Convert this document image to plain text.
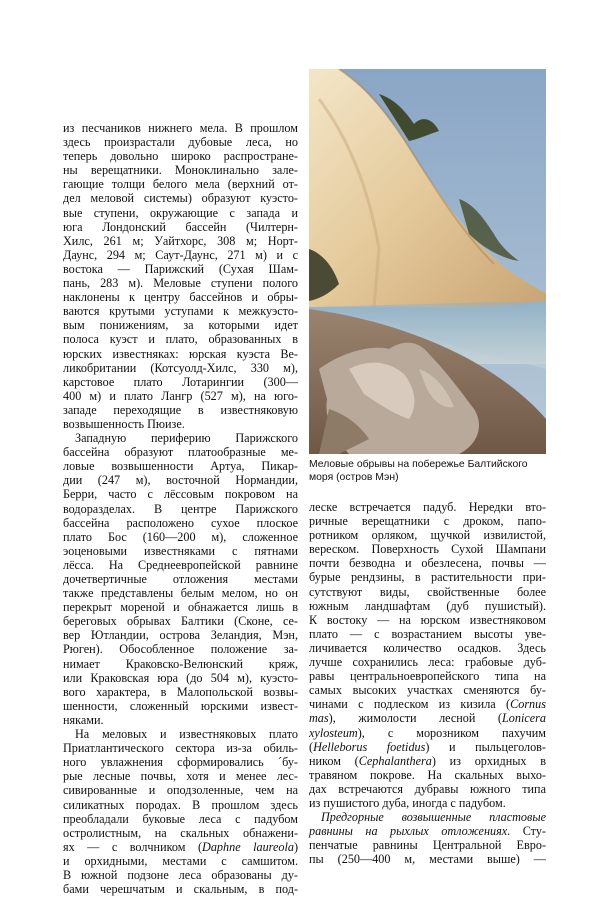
Меловые обрывы на побережье Балтийского
моря (остров Мэн)

из песчаников нижнего мела. В прошлом
здесь произрастали дубовые леса, но
теперь довольно широко распростране-
ны верещатники. Моноклинально зале-
гающие толщи белого мела (верхний от-
дел меловой системы) образуют куэсто-
вые ступени, окружающие с запада и
юга Лондонский бассейн (Чилтерн-
Хилс, 261 м; Уайтхорс, 308 м; Норт-
Даунс, 294 м; Саут-Даунс, 271 м) и с
востока — Парижский (Сухая Шам-
пань, 283 м). Меловые ступени полого
наклонены к центру бассейнов и обры-
ваются крутыми уступами к межкуэсто-
вым понижениям, за которыми идет
полоса куэст и плато, образованных в
юрских известняках: юрская куэста Ве-
ликобритании (Котсуолд-Хилс, 330 м),
карстовое плато Лотарингии (300—
400 м) и плато Лангр (527 м), на юго-
западе переходящие в известняковую
возвышенность Пюизе.

Западную периферию Парижского
бассейна образуют платообразные ме-
ловые возвышенности Артуа, Пикар-
дии (247 м), восточной Нормандии,
Берри, часто с лёссовым покровом на
водоразделах. В центре Парижского
бассейна расположено сухое плоское
плато Бос (160—200 м), сложенное
эоценовыми известняками с пятнами
лёсса. На Среднеевропейской равнине
дочетвертичные отложения местами
также представлены белым мелом, но он
перекрыт мореной и обнажается лишь в
береговых обрывах Балтики (Сконе, се-
вер Ютландии, острова Зеландия, Мэн,
Рюген). Обособленное положение за-
нимает Краковско-Велюнский кряж,
или Краковская юра (до 504 м), куэсто-
вого характера, в Малопольской возвы-
шенности, сложенный юрскими извест-
няками.

На меловых и известняковых плато
Приатлантического сектора из-за обиль-
ного увлажнения сформировались ´бу-
рые лесные почвы, хотя и менее лес-
сивированные и оподзоленные, чем на
силикатных породах. В прошлом здесь
преобладали буковые леса с падубом
остролистным, на скальных обнажени-
ях — с волчником (Daphne laureola)
и орхидными, местами с самшитом.
В южной подзоне леса образованы ду-
бами черешчатым и скальным, в под-

леске встречается падуб. Нередки вто-
ричные верещатники с дроком, папо-
ротником орляком, щучкой извилистой,
вереском. Поверхность Сухой Шампани
почти безводна и обезлесена, почвы —
бурые рендзины, в растительности при-
сутствуют виды, свойственные более
южным ландшафтам (дуб пушистый).
К востоку — на юрском известняковом
плато — с возрастанием высоты уве-
личивается количество осадков. Здесь
лучше сохранились леса: грабовые дуб-
равы центральноевропейского типа на
самых высоких участках сменяются бу-
чинами с подлеском из кизила (Cornus
mas), жимолости лесной (Lonicera
xylosteum), с морозником пахучим
(Helleborus foetidus) и пыльцеголов-
ником (Cephalanthera) из орхидных в
травяном покрове. На скальных выхо-
дах встречаются дубравы южного типа
из пушистого дуба, иногда с падубом.

Предгорные возвышенные пластовые
равнины на рыхлых отложениях. Сту-
пенчатые равнины Центральной Евро-
пы (250—400 м, местами выше) —
